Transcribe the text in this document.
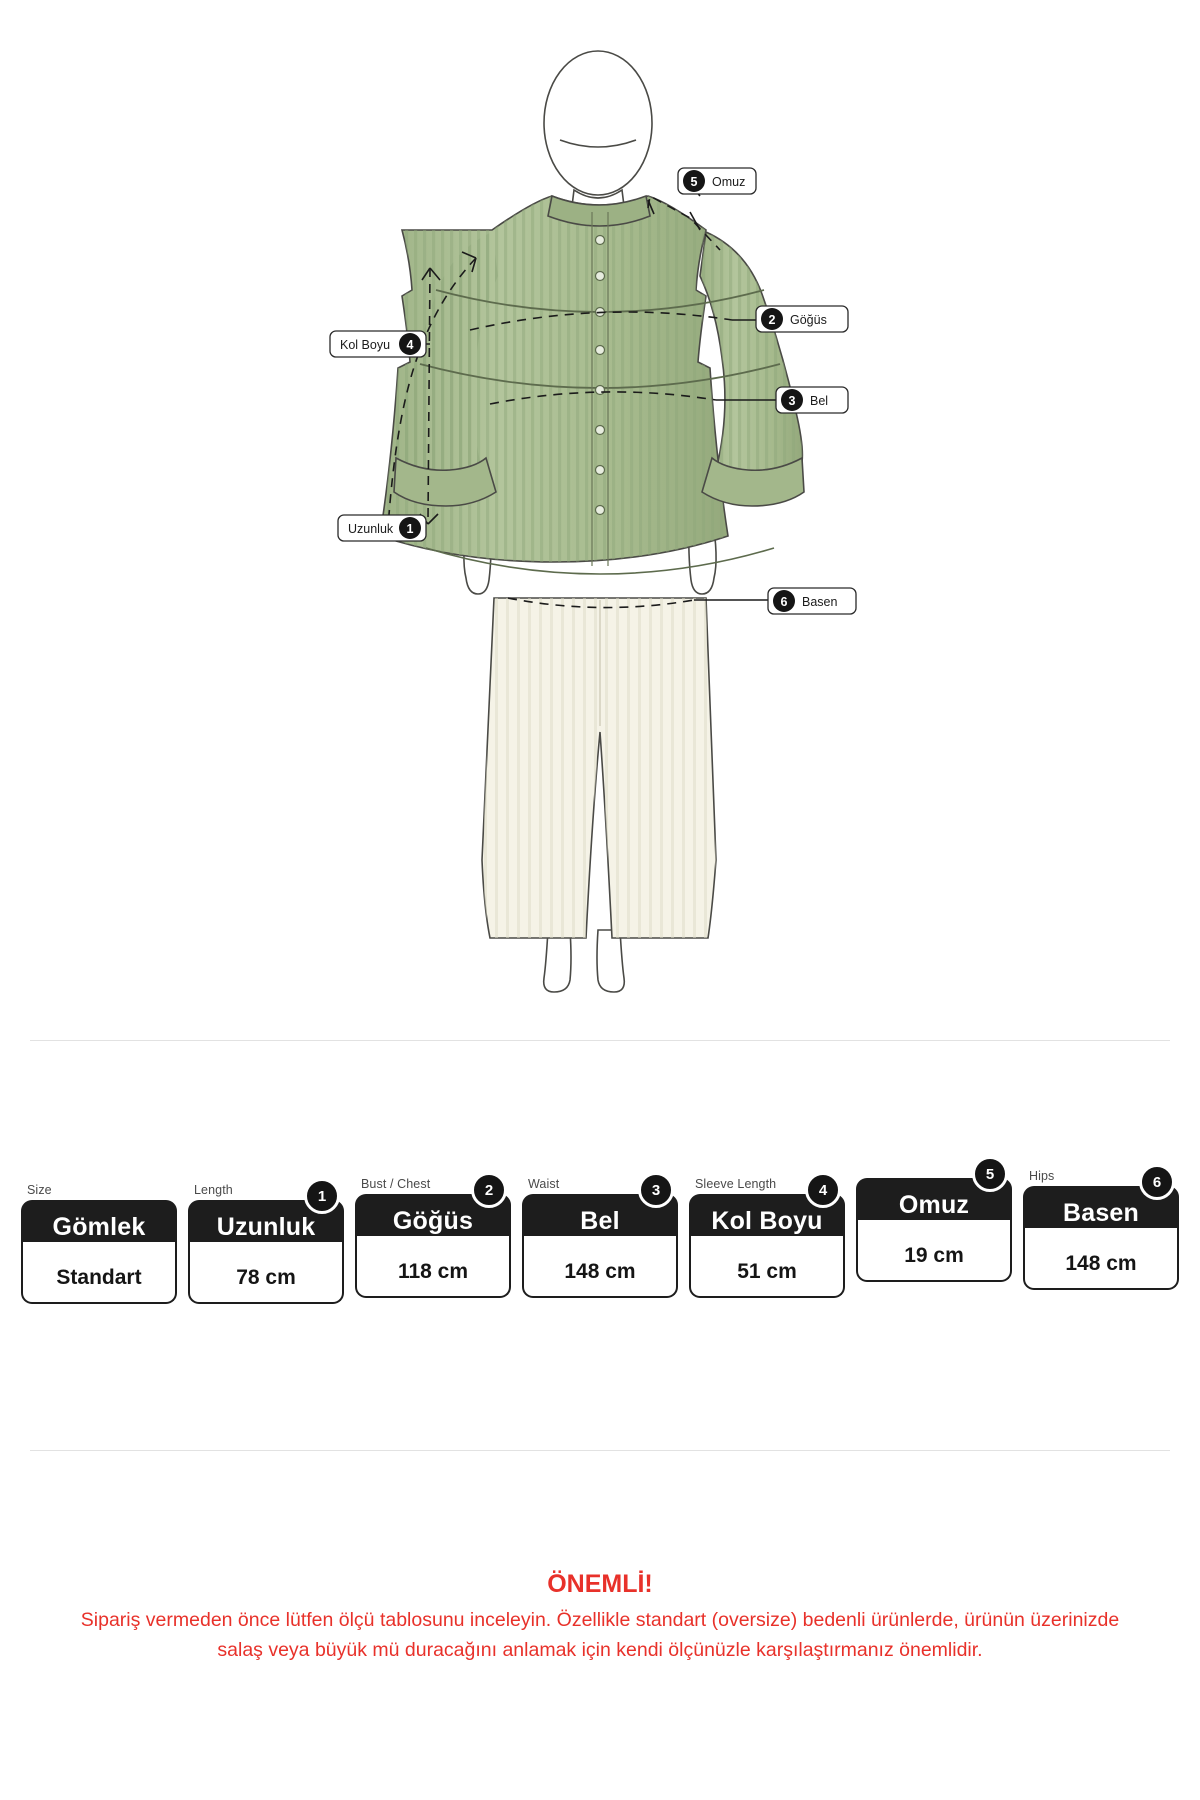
5 Omuz
2 Göğüs
3 Bel
6 Basen
Kol Boyu 4
Uzunluk 1
Size
Gömlek
Standart
1
Length
Uzunluk
78 cm
2
Bust / Chest
Göğüs
118 cm
3
Waist
Bel
148 cm
4
Sleeve Length
Kol Boyu
51 cm
5
Omuz
19 cm
6
Hips
Basen
148 cm
ÖNEMLİ!
Sipariş vermeden önce lütfen ölçü tablosunu inceleyin. Özellikle standart (oversize) bedenli ürünlerde, ürünün üzerinizde salaş veya büyük mü duracağını anlamak için kendi ölçünüzle karşılaştırmanız önemlidir.
